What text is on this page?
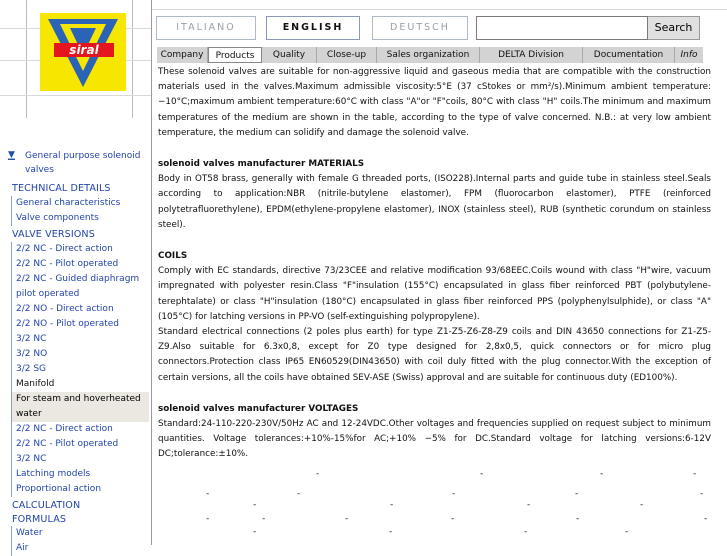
siral
▼
▔
General purpose solenoid valves
TECHNICAL DETAILS
General characteristics
Valve components
VALVE VERSIONS
2/2 NC - Direct action
2/2 NC - Pilot operated
2/2 NC - Guided diaphragm pilot operated
2/2 NO - Direct action
2/2 NO - Pilot operated
3/2 NC
3/2 NO
3/2 SG
Manifold
For steam and hoverheated water
2/2 NC - Direct action
2/2 NC - Pilot operated
3/2 NC
Latching models
Proportional action
CALCULATION FORMULAS
Water
Air
ITALIANO	ENGLISH	DEUTSCH	Search
Company	Products	Quality	Close-up	Sales organization	DELTA Division	Documentation	Info

These solenoid valves are suitable for non-aggressive liquid and gaseous media that are compatible with the construction materials used in the valves.Maximum admissible viscosity:5°E (37 cStokes or mm²/s).Minimum ambient temperature: −10°C;maximum ambient temperature:60°C with class "A"or "F"coils, 80°C with class "H" coils.The minimum and maximum temperatures of the medium are shown in the table, according to the type of valve concerned. N.B.: at very low ambient temperature, the medium can solidify and damage the solenoid valve.

solenoid valves manufacturer MATERIALS

Body in OT58 brass, generally with female G threaded ports, (ISO228).Internal parts and guide tube in stainless steel.Seals according to application:NBR (nitrile-butylene elastomer), FPM (fluorocarbon elastomer), PTFE (reinforced polytetrafluorethylene), EPDM(ethylene-propylene elastomer), INOX (stainless steel), RUB (synthetic corundum on stainless steel).

COILS

Comply with EC standards, directive 73/23CEE and relative modification 93/68EEC.Coils wound with class "H"wire, vacuum impregnated with polyester resin.Class "F"insulation (155°C) encapsulated in glass fiber reinforced PBT (polybutylene-terephtalate) or class "H"insulation (180°C) encapsulated in glass fiber reinforced PPS (polyphenylsulphide), or class "A"(105°C) for latching versions in PP-VO (self-extinguishing polypropylene).

Standard electrical connections (2 poles plus earth) for type Z1-Z5-Z6-Z8-Z9 coils and DIN 43650 connections for Z1-Z5-Z9.Also suitable for 6.3x0,8, except for Z0 type designed for 2,8x0,5, quick connectors or for micro plug connectors.Protection class IP65 EN60529(DIN43650) with coil duly fitted with the plug connector.With the exception of certain versions, all the coils have obtained SEV-ASE (Swiss) approval and are suitable for continuous duty (ED100%).

solenoid valves manufacturer VOLTAGES

Standard:24-110-220-230V/50Hz AC and 12-24VDC.Other voltages and frequencies supplied on request subject to minimum quantities. Voltage tolerances:+10%-15%for AC;+10% −5% for DC.Standard voltage for latching versions:6-12V DC;tolerance:±10%.

-	-	-	-
-	-	-	-	-
-	-	-	-
-	-	-	-	-	-
-	-	-	-
